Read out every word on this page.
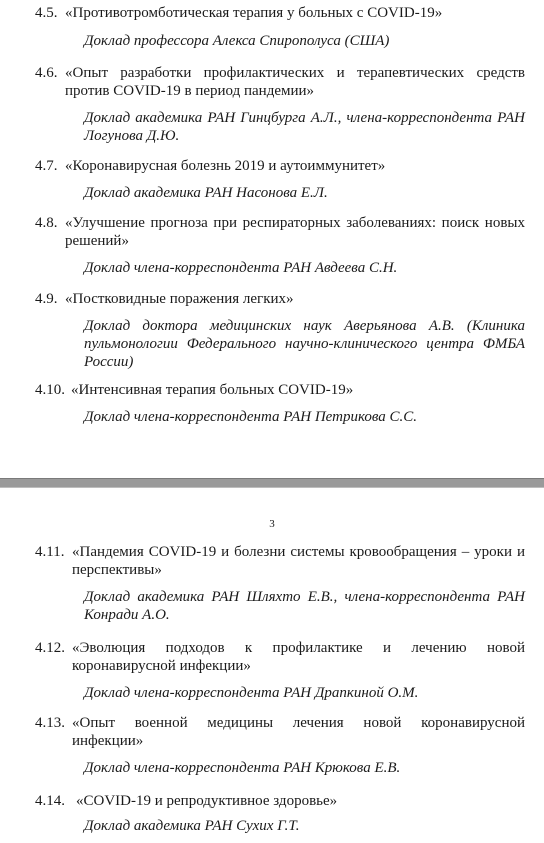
4.5. «Противотромботическая терапия у больных с COVID-19»
Доклад профессора Алекса Спирополуса (США)
4.6. «Опыт разработки профилактических и терапевтических средств
против COVID-19 в период пандемии»
Доклад академика РАН Гинцбурга А.Л., члена-корреспондента РАН
Логунова Д.Ю.
4.7. «Коронавирусная болезнь 2019 и аутоиммунитет»
Доклад академика РАН Насонова Е.Л.
4.8. «Улучшение прогноза при респираторных заболеваниях: поиск новых
решений»
Доклад члена-корреспондента РАН Авдеева С.Н.
4.9. «Постковидные поражения легких»
Доклад доктора медицинских наук Аверьянова А.В. (Клиника
пульмонологии Федерального научно-клинического центра ФМБА
России)
4.10. «Интенсивная терапия больных COVID-19»
Доклад члена-корреспондента РАН Петрикова С.С.
3
4.11. «Пандемия COVID-19 и болезни системы кровообращения – уроки и
перспективы»
Доклад академика РАН Шляхто Е.В., члена-корреспондента РАН
Конради А.О.
4.12. «Эволюция подходов к профилактике и лечению новой
коронавирусной инфекции»
Доклад члена-корреспондента РАН Драпкиной О.М.
4.13. «Опыт военной медицины лечения новой коронавирусной
инфекции»
Доклад члена-корреспондента РАН Крюкова Е.В.
4.14. «COVID-19 и репродуктивное здоровье»
Доклад академика РАН Сухих Г.Т.
